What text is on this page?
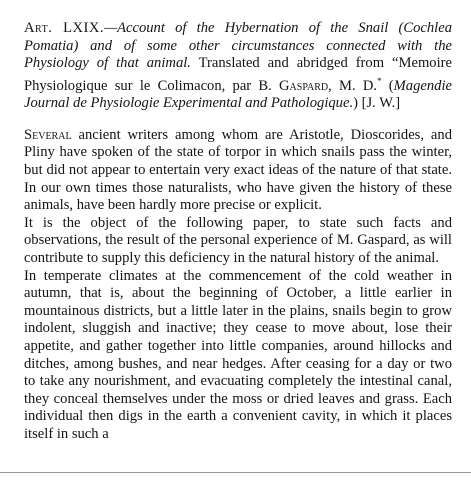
Art. LXIX.—Account of the Hybernation of the Snail (Cochlea Pomatia) and of some other circumstances connected with the Physiology of that animal. Translated and abridged from “Memoire Physiologique sur le Colimacon, par B. Gaspard, M. D.* (Magendie Journal de Physiologie Experimental and Pathologique.) [J. W.]

Several ancient writers among whom are Aristotle, Dioscorides, and Pliny have spoken of the state of torpor in which snails pass the winter, but did not appear to entertain very exact ideas of the nature of that state. In our own times those naturalists, who have given the history of these animals, have been hardly more precise or explicit.

It is the object of the following paper, to state such facts and observations, the result of the personal experience of M. Gaspard, as will contribute to supply this deficiency in the natural history of the animal.

In temperate climates at the commencement of the cold weather in autumn, that is, about the beginning of October, a little earlier in mountainous districts, but a little later in the plains, snails begin to grow indolent, sluggish and inactive; they cease to move about, lose their appetite, and gather together into little companies, around hillocks and ditches, among bushes, and near hedges. After ceasing for a day or two to take any nourishment, and evacuating completely the intestinal canal, they conceal themselves under the moss or dried leaves and grass. Each individual then digs in the earth a convenient cavity, in which it places itself in such a
